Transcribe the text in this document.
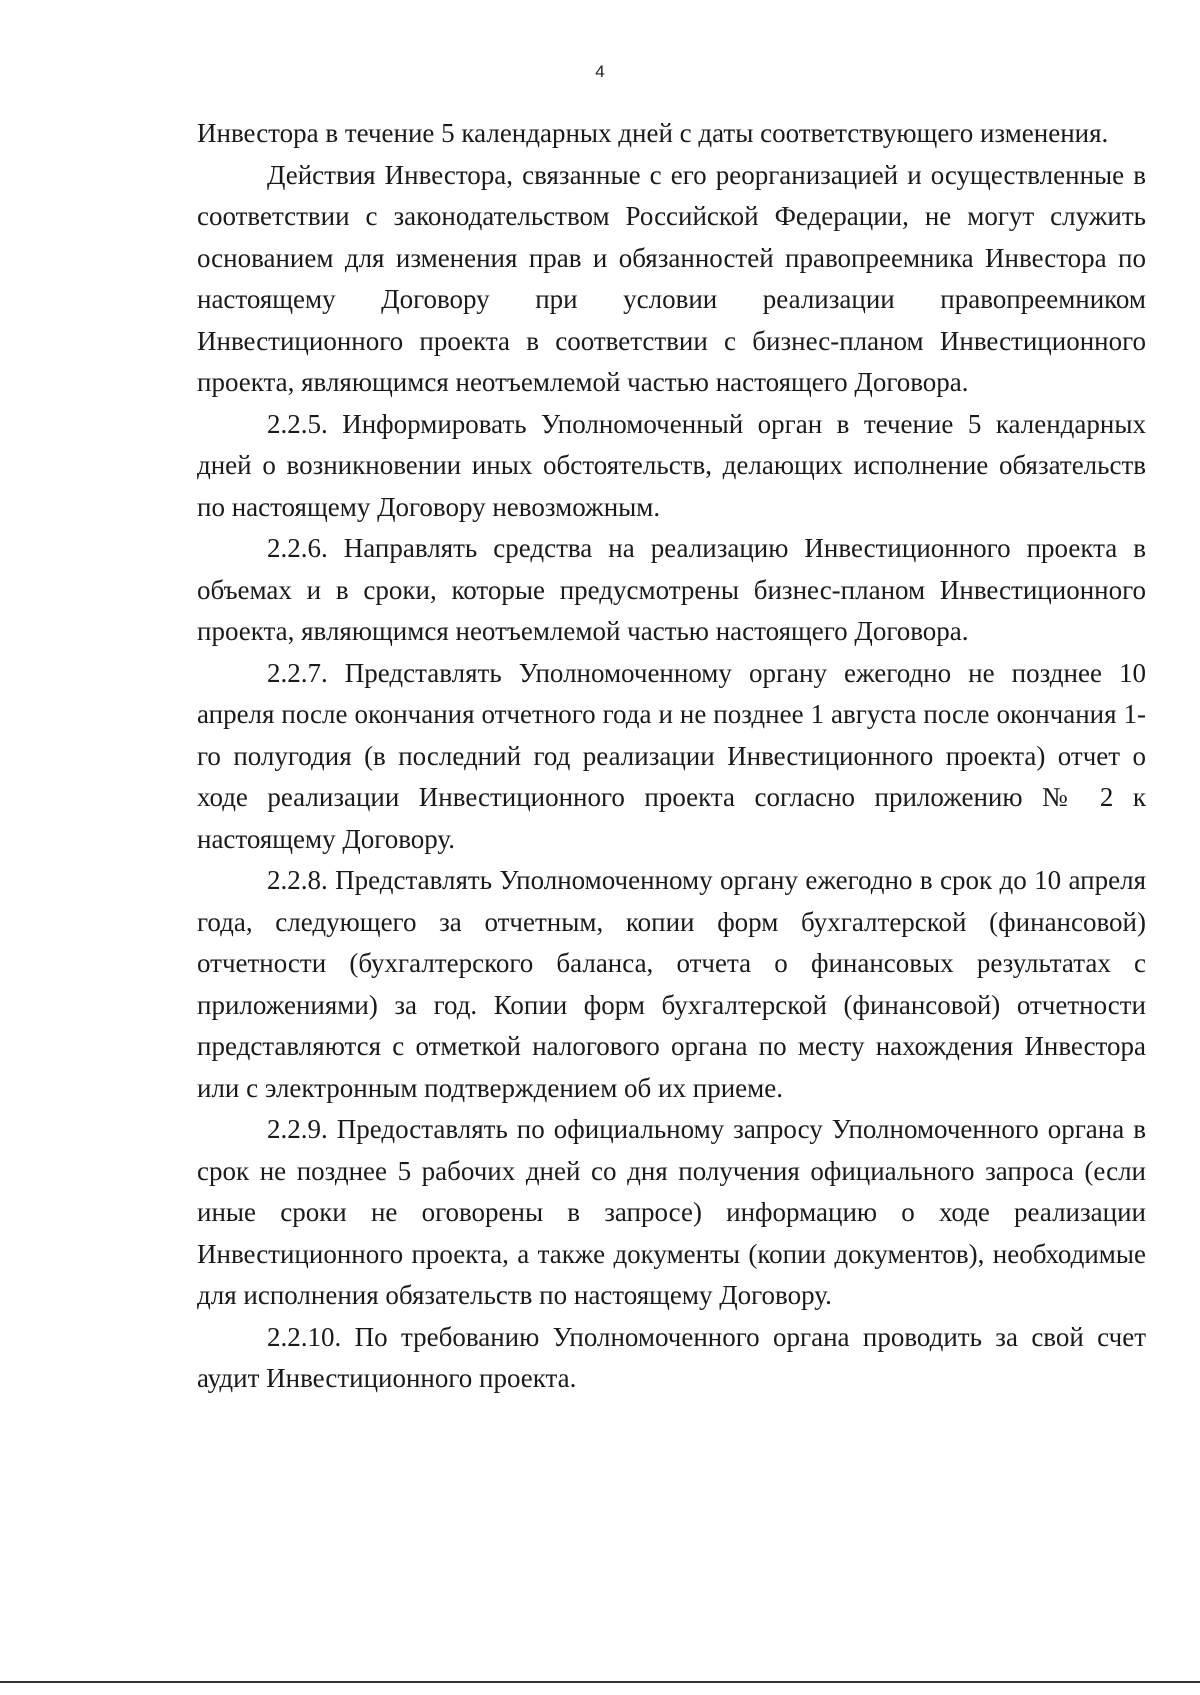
4

Инвестора в течение 5 календарных дней с даты соответствующего изменения.

Действия Инвестора, связанные с его реорганизацией и осуществленные в соответствии с законодательством Российской Федерации, не могут служить основанием для изменения прав и обязанностей правопреемника Инвестора по настоящему Договору при условии реализации правопреемником Инвестиционного проекта в соответствии с бизнес-планом Инвестиционного проекта, являющимся неотъемлемой частью настоящего Договора.

2.2.5. Информировать Уполномоченный орган в течение 5 календарных дней о возникновении иных обстоятельств, делающих исполнение обязательств по настоящему Договору невозможным.

2.2.6. Направлять средства на реализацию Инвестиционного проекта в объемах и в сроки, которые предусмотрены бизнес-планом Инвестиционного проекта, являющимся неотъемлемой частью настоящего Договора.

2.2.7. Представлять Уполномоченному органу ежегодно не позднее 10 апреля после окончания отчетного года и не позднее 1 августа после окончания 1-го полугодия (в последний год реализации Инвестиционного проекта) отчет о ходе реализации Инвестиционного проекта согласно приложению № 2 к настоящему Договору.

2.2.8. Представлять Уполномоченному органу ежегодно в срок до 10 апреля года, следующего за отчетным, копии форм бухгалтерской (финансовой) отчетности (бухгалтерского баланса, отчета о финансовых результатах с приложениями) за год. Копии форм бухгалтерской (финансовой) отчетности представляются с отметкой налогового органа по месту нахождения Инвестора или с электронным подтверждением об их приеме.

2.2.9. Предоставлять по официальному запросу Уполномоченного органа в срок не позднее 5 рабочих дней со дня получения официального запроса (если иные сроки не оговорены в запросе) информацию о ходе реализации Инвестиционного проекта, а также документы (копии документов), необходимые для исполнения обязательств по настоящему Договору.

2.2.10. По требованию Уполномоченного органа проводить за свой счет аудит Инвестиционного проекта.
